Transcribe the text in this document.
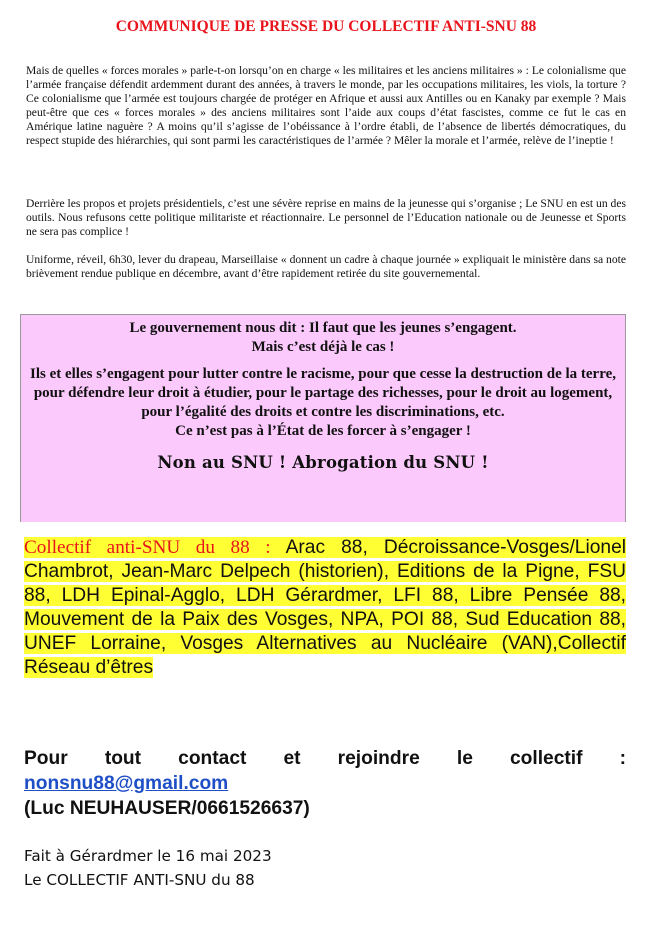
COMMUNIQUE DE PRESSE DU COLLECTIF ANTI-SNU 88

Mais de quelles « forces morales » parle-t-on lorsqu’on en charge « les militaires et les anciens militaires » : Le colonialisme que l’armée française défendit ardemment durant des années, à travers le monde, par les occupations militaires, les viols, la torture ? Ce colonialisme que l’armée est toujours chargée de protéger en Afrique et aussi aux Antilles ou en Kanaky par exemple ? Mais peut-être que ces « forces morales » des anciens militaires sont l’aide aux coups d’état fascistes, comme ce fut le cas en Amérique latine naguère ? A moins qu’il s’agisse de l’obéissance à l’ordre établi, de l’absence de libertés démocratiques, du respect stupide des hiérarchies, qui sont parmi les caractéristiques de l’armée ? Mêler la morale et l’armée, relève de l’ineptie !

Derrière les propos et projets présidentiels, c’est une sévère reprise en mains de la jeunesse qui s’organise ; Le SNU en est un des outils. Nous refusons cette politique militariste et réactionnaire. Le personnel de l’Education nationale ou de Jeunesse et Sports ne sera pas complice !

Uniforme, réveil, 6h30, lever du drapeau, Marseillaise « donnent un cadre à chaque journée » expliquait le ministère dans sa note brièvement rendue publique en décembre, avant d’être rapidement retirée du site gouvernemental.

Le gouvernement nous dit : Il faut que les jeunes s’engagent.

Mais c’est déjà le cas !

Ils et elles s’engagent pour lutter contre le racisme, pour que cesse la destruction de la terre, pour défendre leur droit à étudier, pour le partage des richesses, pour le droit au logement, pour l’égalité des droits et contre les discriminations, etc.

Ce n’est pas à l’État de les forcer à s’engager !

Non au SNU ! Abrogation du SNU !

Collectif anti-SNU du 88 : Arac 88, Décroissance-Vosges/Lionel Chambrot, Jean-Marc Delpech (historien), Editions de la Pigne, FSU 88, LDH Epinal-Agglo, LDH Gérardmer, LFI 88, Libre Pensée 88, Mouvement de la Paix des Vosges, NPA, POI 88, Sud Education 88, UNEF Lorraine, Vosges Alternatives au Nucléaire (VAN),Collectif Réseau d’êtres

Pour tout contact et rejoindre le collectif :
nonsnu88@gmail.com
(Luc NEUHAUSER/0661526637)
Fait à Gérardmer le 16 mai 2023
Le COLLECTIF ANTI-SNU du 88
